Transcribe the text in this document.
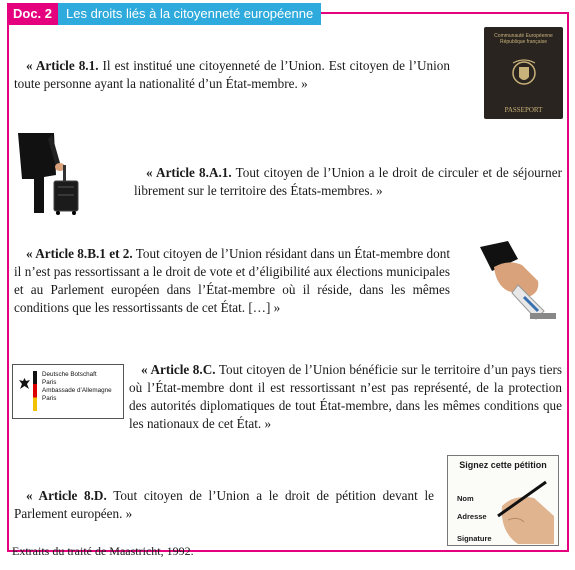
Doc. 2	Les droits liés à la citoyenneté européenne
Communauté Européenne
République française
PASSEPORT
« Article 8.1. Il est institué une citoyenneté de l’Union. Est citoyen de l’Union toute personne ayant la nationalité d’un État-membre. »
« Article 8.A.1. Tout citoyen de l’Union a le droit de circuler et de séjourner librement sur le territoire des États-membres. »
« Article 8.B.1 et 2. Tout citoyen de l’Union résidant dans un État-membre dont il n’est pas ressortissant a le droit de vote et d’éligibilité aux élections municipales et au Parlement européen dans l’État-membre où il réside, dans les mêmes conditions que les ressortissants de cet État. […] »
Deutsche Botschaft
Paris
Ambassade d’Allemagne
Paris
« Article 8.C. Tout citoyen de l’Union bénéficie sur le territoire d’un pays tiers où l’État-membre dont il est ressortissant n’est pas représenté, de la protection des autorités diplomatiques de tout État-membre, dans les mêmes conditions que les nationaux de cet État. »
Signez cette pétition
Nom
Adresse
Signature
« Article 8.D. Tout citoyen de l’Union a le droit de pétition devant le Parlement européen. »
Extraits du traité de Maastricht, 1992.
